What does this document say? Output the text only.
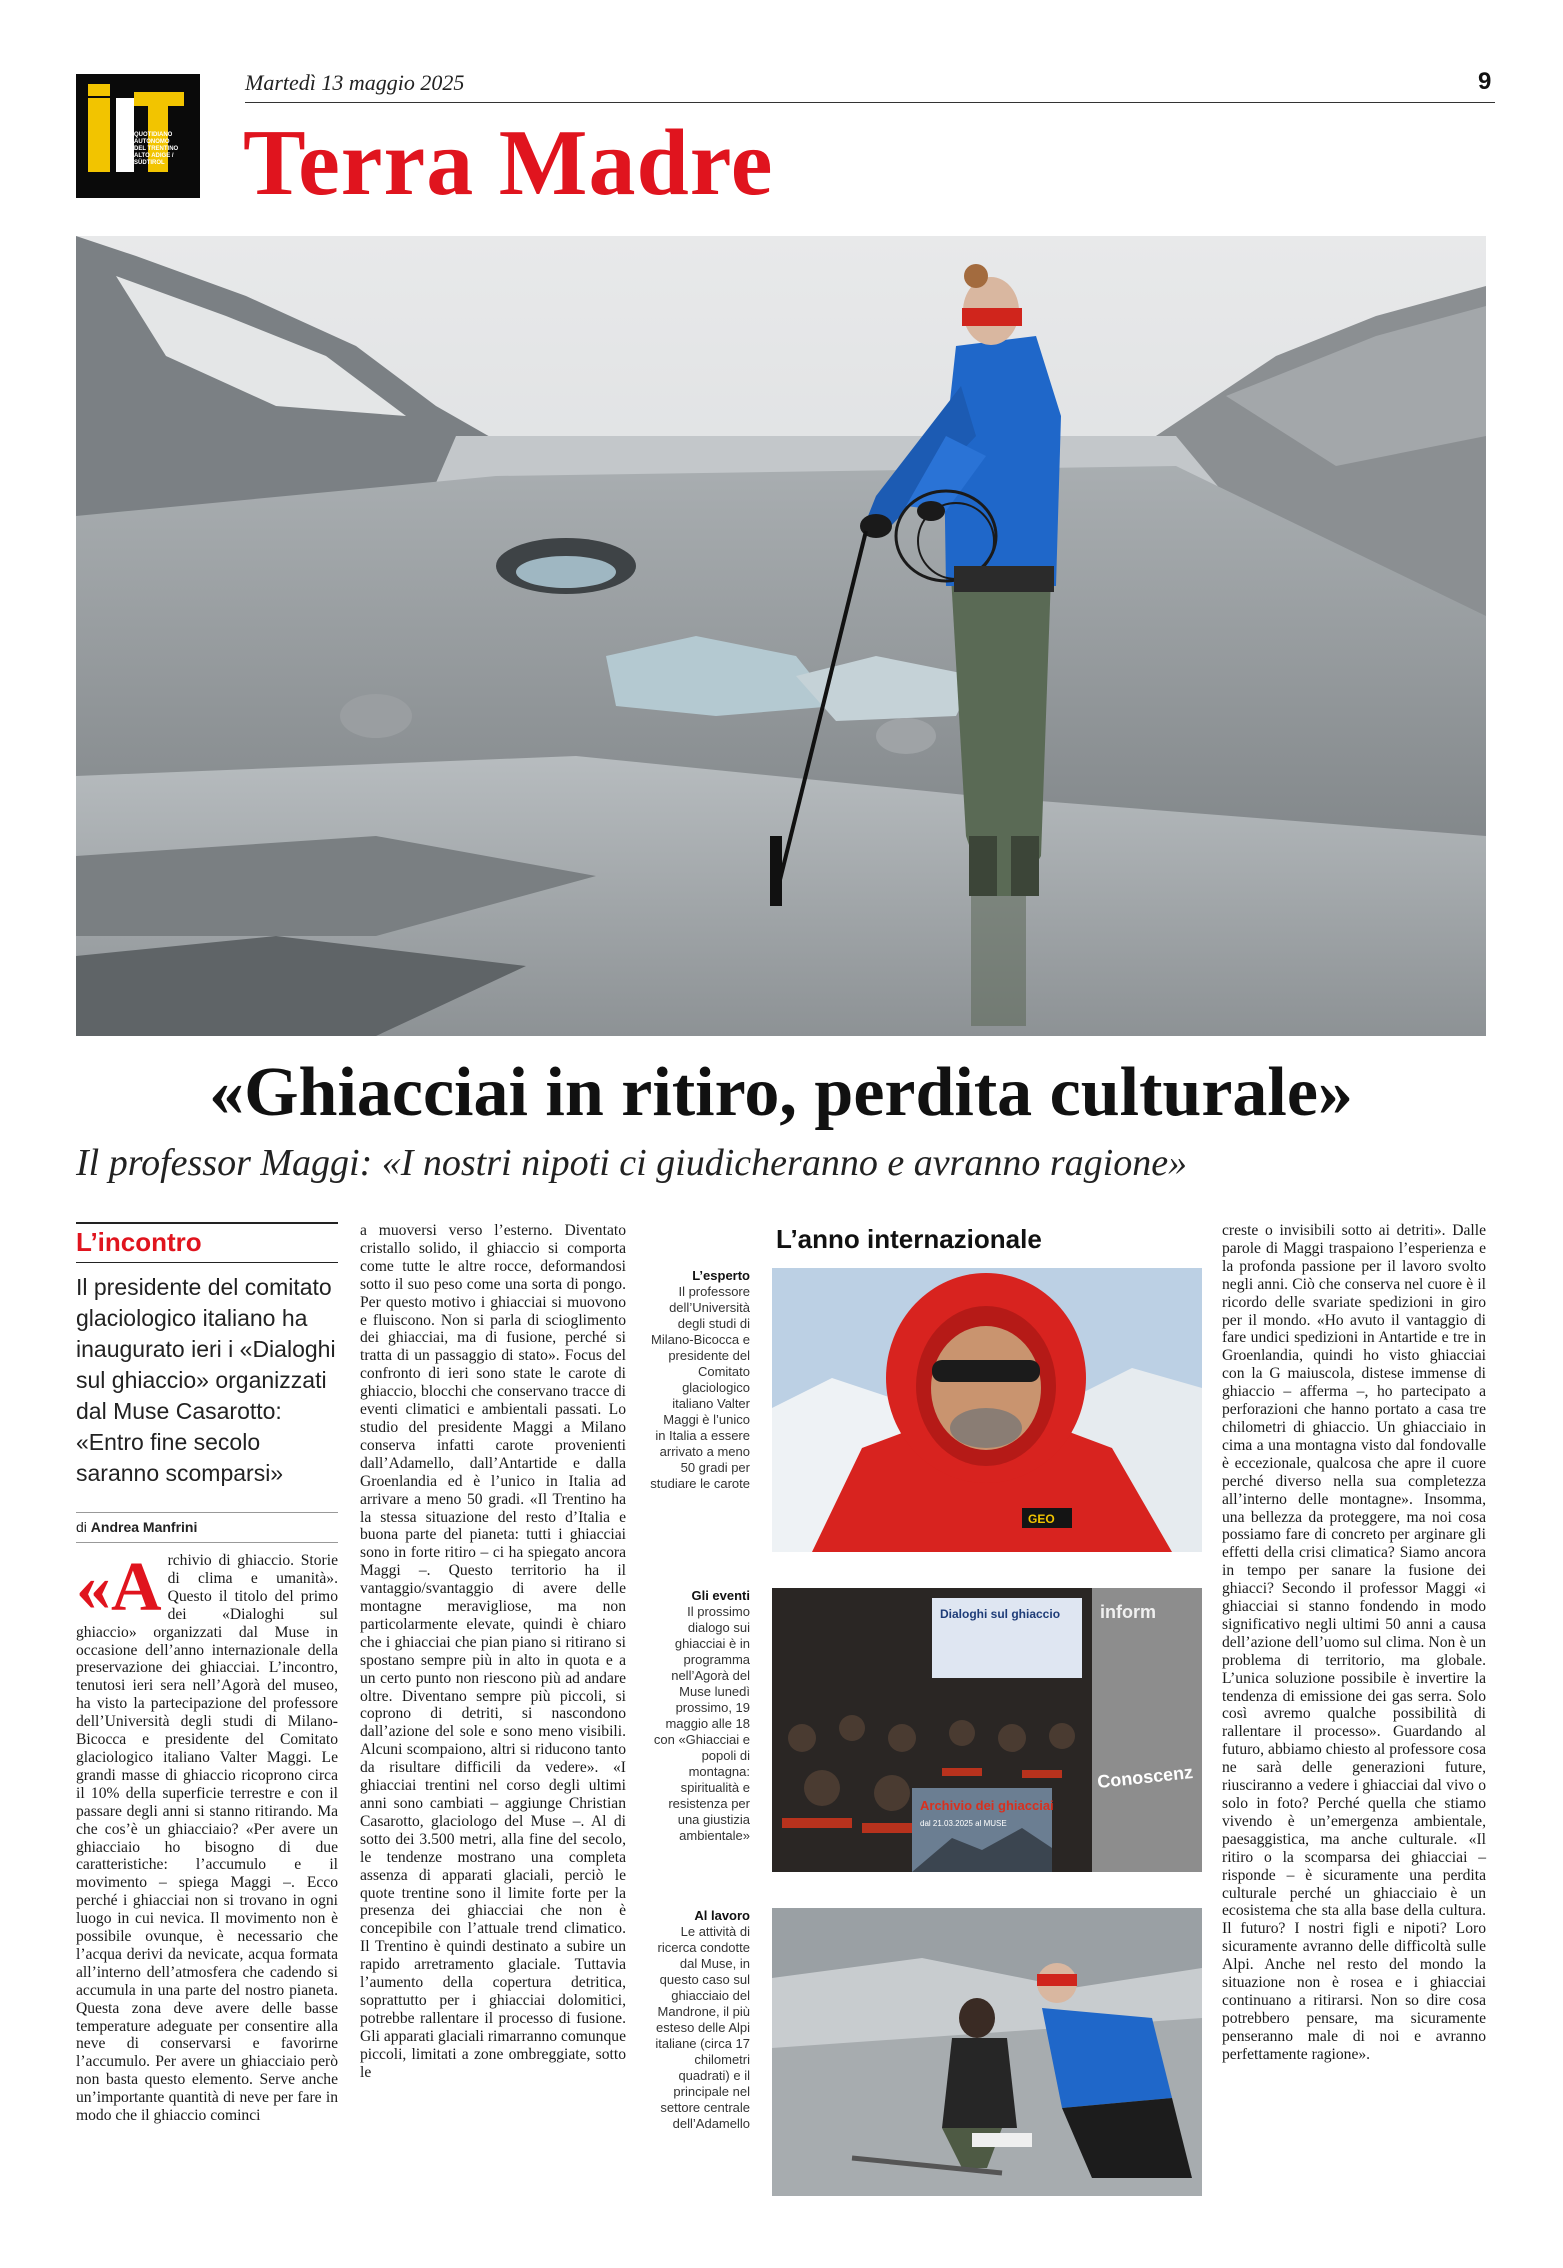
QUOTIDIANO
AUTONOMO
DEL TRENTINO
ALTO ADIGE /
SÜDTIROL
Martedì 13 maggio 2025	9
Terra Madre
«Ghiacciai in ritiro, perdita culturale»
Il professor Maggi: «I nostri nipoti ci giudicheranno e avranno ragione»
L’incontro
Il presidente del comitato glaciologico italiano ha inaugurato ieri i «Dialoghi sul ghiaccio» organizzati dal Muse Casarotto: «Entro fine secolo saranno scomparsi»
di Andrea Manfrini

«Archivio di ghiaccio. Storie di clima e umanità». Questo il titolo del primo dei «Dialoghi sul ghiaccio» organizzati dal Muse in occasione dell’anno internazionale della preservazione dei ghiacciai. L’incontro, tenutosi ieri sera nell’Agorà del museo, ha visto la partecipazione del professore dell’Università degli studi di Milano-Bicocca e presidente del Comitato glaciologico italiano Valter Maggi. Le grandi masse di ghiaccio ricoprono circa il 10% della superficie terrestre e con il passare degli anni si stanno ritirando. Ma che cos’è un ghiacciaio? «Per avere un ghiacciaio ho bisogno di due caratteristiche: l’accumulo e il movimento – spiega Maggi –. Ecco perché i ghiacciai non si trovano in ogni luogo in cui nevica. Il movimento non è possibile ovunque, è necessario che l’acqua derivi da nevicate, acqua formata all’interno dell’atmosfera che cadendo si accumula in una parte del nostro pianeta. Questa zona deve avere delle basse temperature adeguate per consentire alla neve di conservarsi e favorirne l’accumulo. Per avere un ghiacciaio però non basta questo elemento. Serve anche un’importante quantità di neve per fare in modo che il ghiaccio cominci

a muoversi verso l’esterno. Diventato cristallo solido, il ghiaccio si comporta come tutte le altre rocce, deformandosi sotto il suo peso come una sorta di pongo. Per questo motivo i ghiacciai si muovono e fluiscono. Non si parla di scioglimento dei ghiacciai, ma di fusione, perché si tratta di un passaggio di stato». Focus del confronto di ieri sono state le carote di ghiaccio, blocchi che conservano tracce di eventi climatici e ambientali passati. Lo studio del presidente Maggi a Milano conserva infatti carote provenienti dall’Adamello, dall’Antartide e dalla Groenlandia ed è l’unico in Italia ad arrivare a meno 50 gradi. «Il Trentino ha la stessa situazione del resto d’Italia e buona parte del pianeta: tutti i ghiacciai sono in forte ritiro – ci ha spiegato ancora Maggi –. Questo territorio ha il vantaggio/svantaggio di avere delle montagne meravigliose, ma non particolarmente elevate, quindi è chiaro che i ghiacciai che pian piano si ritirano si spostano sempre più in alto in quota e a un certo punto non riescono più ad andare oltre. Diventano sempre più piccoli, si coprono di detriti, si nascondono dall’azione del sole e sono meno visibili. Alcuni scompaiono, altri si riducono tanto da risultare difficili da vedere». «I ghiacciai trentini nel corso degli ultimi anni sono cambiati – aggiunge Christian Casarotto, glaciologo del Muse –. Al di sotto dei 3.500 metri, alla fine del secolo, le tendenze mostrano una completa assenza di apparati glaciali, perciò le quote trentine sono il limite forte per la presenza dei ghiacciai che non è concepibile con l’attuale trend climatico. Il Trentino è quindi destinato a subire un rapido arretramento glaciale. Tuttavia l’aumento della copertura detritica, soprattutto per i ghiacciai dolomitici, potrebbe rallentare il processo di fusione. Gli apparati glaciali rimarranno comunque piccoli, limitati a zone ombreggiate, sotto le

L’anno internazionale
L’esperto
Il professore dell’Università degli studi di Milano-Bicocca e presidente del Comitato glaciologico italiano Valter Maggi è l’unico in Italia a essere arrivato a meno 50 gradi per studiare le carote
GEO
Gli eventi
Il prossimo dialogo sui ghiacciai è in programma nell’Agorà del Muse lunedì prossimo, 19 maggio alle 18 con «Ghiacciai e popoli di montagna: spiritualità e resistenza per una giustizia ambientale»
Dialoghi sul ghiaccio inform
Conoscenz
Archivio dei ghiacciai
dal 21.03.2025 al MUSE
Al lavoro
Le attività di ricerca condotte dal Muse, in questo caso sul ghiacciaio del Mandrone, il più esteso delle Alpi italiane (circa 17 chilometri quadrati) e il principale nel settore centrale dell’Adamello

creste o invisibili sotto ai detriti». Dalle parole di Maggi traspaiono l’esperienza e la profonda passione per il lavoro svolto negli anni. Ciò che conserva nel cuore è il ricordo delle svariate spedizioni in giro per il mondo. «Ho avuto il vantaggio di fare undici spedizioni in Antartide e tre in Groenlandia, quindi ho visto ghiacciai con la G maiuscola, distese immense di ghiaccio – afferma –, ho partecipato a perforazioni che hanno portato a casa tre chilometri di ghiaccio. Un ghiacciaio in cima a una montagna visto dal fondovalle è eccezionale, qualcosa che apre il cuore perché diverso nella sua completezza all’interno delle montagne». Insomma, una bellezza da proteggere, ma noi cosa possiamo fare di concreto per arginare gli effetti della crisi climatica? Siamo ancora in tempo per sanare la fusione dei ghiacci? Secondo il professor Maggi «i ghiacciai si stanno fondendo in modo significativo negli ultimi 50 anni a causa dell’azione dell’uomo sul clima. Non è un problema di territorio, ma globale. L’unica soluzione possibile è invertire la tendenza di emissione dei gas serra. Solo così avremo qualche possibilità di rallentare il processo». Guardando al futuro, abbiamo chiesto al professore cosa ne sarà delle generazioni future, riusciranno a vedere i ghiacciai dal vivo o solo in foto? Perché quella che stiamo vivendo è un’emergenza ambientale, paesaggistica, ma anche culturale. «Il ritiro o la scomparsa dei ghiacciai – risponde – è sicuramente una perdita culturale perché un ghiacciaio è un ecosistema che sta alla base della cultura. Il futuro? I nostri figli e nipoti? Loro sicuramente avranno delle difficoltà sulle Alpi. Anche nel resto del mondo la situazione non è rosea e i ghiacciai continuano a ritirarsi. Non so dire cosa potrebbero pensare, ma sicuramente penseranno male di noi e avranno perfettamente ragione».
